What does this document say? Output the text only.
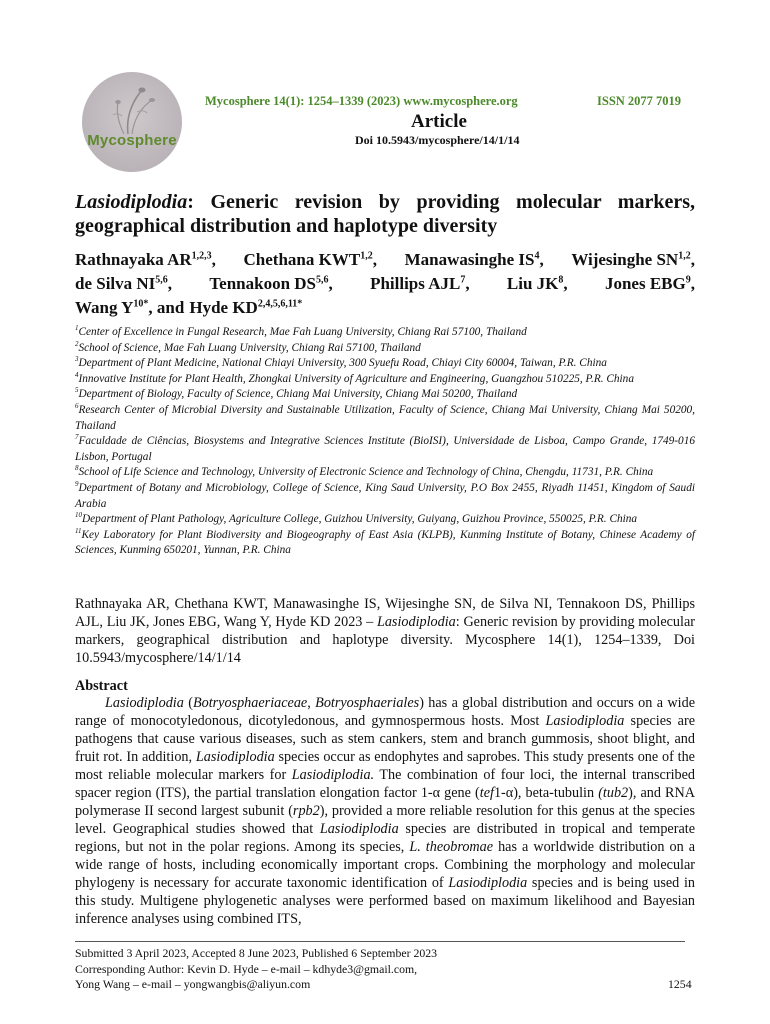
Mycosphere
Mycosphere 14(1): 1254–1339 (2023) www.mycosphere.org	ISSN 2077 7019
Article
Doi 10.5943/mycosphere/14/1/14
Lasiodiplodia: Generic revision by providing molecular markers, geographical distribution and haplotype diversity
Rathnayaka AR$^{1,2,3}$, Chethana KWT$^{1,2}$, Manawasinghe $IS^4$, Wijesinghe SN$^{1,2}$,
de Silva NI$^{5,6}$, Tennakoon DS$^{5,6}$, Phillips AJL$^7$, Liu $JK^8$, Jones EBG$^9$,
Wang $Y^{10*}$, and Hyde $KD^{2,4,5,6,11*}$
$^1$Center of Excellence in Fungal Research, Mae Fah Luang University, Chiang Rai 57100, Thailand
$^2$School of Science, Mae Fah Luang University, Chiang Rai 57100, Thailand
$^3$Department of Plant Medicine, National Chiayi University, 300 Syuefu Road, Chiayi City 60004, Taiwan, P.R. China
$^4$Innovative Institute for Plant Health, Zhongkai University of Agriculture and Engineering, Guangzhou 510225, P.R. China
$^5$Department of Biology, Faculty of Science, Chiang Mai University, Chiang Mai 50200, Thailand
$^6$Research Center of Microbial Diversity and Sustainable Utilization, Faculty of Science, Chiang Mai University, Chiang Mai 50200, Thailand
$^7$Faculdade de Ciências, Biosystems and Integrative Sciences Institute (BioISI), Universidade de Lisboa, Campo Grande, 1749-016 Lisbon, Portugal
$^8$School of Life Science and Technology, University of Electronic Science and Technology of China, Chengdu, 11731, P.R. China
$^9$Department of Botany and Microbiology, College of Science, King Saud University, P.O Box 2455, Riyadh 11451, Kingdom of Saudi Arabia
$^{10}$Department of Plant Pathology, Agriculture College, Guizhou University, Guiyang, Guizhou Province, 550025, P.R. China
$^{11}$Key Laboratory for Plant Biodiversity and Biogeography of East Asia (KLPB), Kunming Institute of Botany, Chinese Academy of Sciences, Kunming 650201, Yunnan, P.R. China
Rathnayaka AR, Chethana KWT, Manawasinghe IS, Wijesinghe SN, de Silva NI, Tennakoon DS, Phillips AJL, Liu JK, Jones EBG, Wang Y, Hyde KD 2023 – Lasiodiplodia: Generic revision by providing molecular markers, geographical distribution and haplotype diversity. Mycosphere 14(1), 1254–1339, Doi 10.5943/mycosphere/14/1/14
Abstract
Lasiodiplodia (Botryosphaeriaceae, Botryosphaeriales) has a global distribution and occurs on a wide range of monocotyledonous, dicotyledonous, and gymnospermous hosts. Most Lasiodiplodia species are pathogens that cause various diseases, such as stem cankers, stem and branch gummosis, shoot blight, and fruit rot. In addition, Lasiodiplodia species occur as endophytes and saprobes. This study presents one of the most reliable molecular markers for Lasiodiplodia. The combination of four loci, the internal transcribed spacer region (ITS), the partial translation elongation factor 1-α gene (tef1-α), beta-tubulin (tub2), and RNA polymerase II second largest subunit (rpb2), provided a more reliable resolution for this genus at the species level. Geographical studies showed that Lasiodiplodia species are distributed in tropical and temperate regions, but not in the polar regions. Among its species, L. theobromae has a worldwide distribution on a wide range of hosts, including economically important crops. Combining the morphology and molecular phylogeny is necessary for accurate taxonomic identification of Lasiodiplodia species and is being used in this study. Multigene phylogenetic analyses were performed based on maximum likelihood and Bayesian inference analyses using combined ITS,
Submitted 3 April 2023, Accepted 8 June 2023, Published 6 September 2023
Corresponding Author: Kevin D. Hyde – e-mail – kdhyde3@gmail.com,
Yong Wang – e-mail – yongwangbis@aliyun.com	1254
